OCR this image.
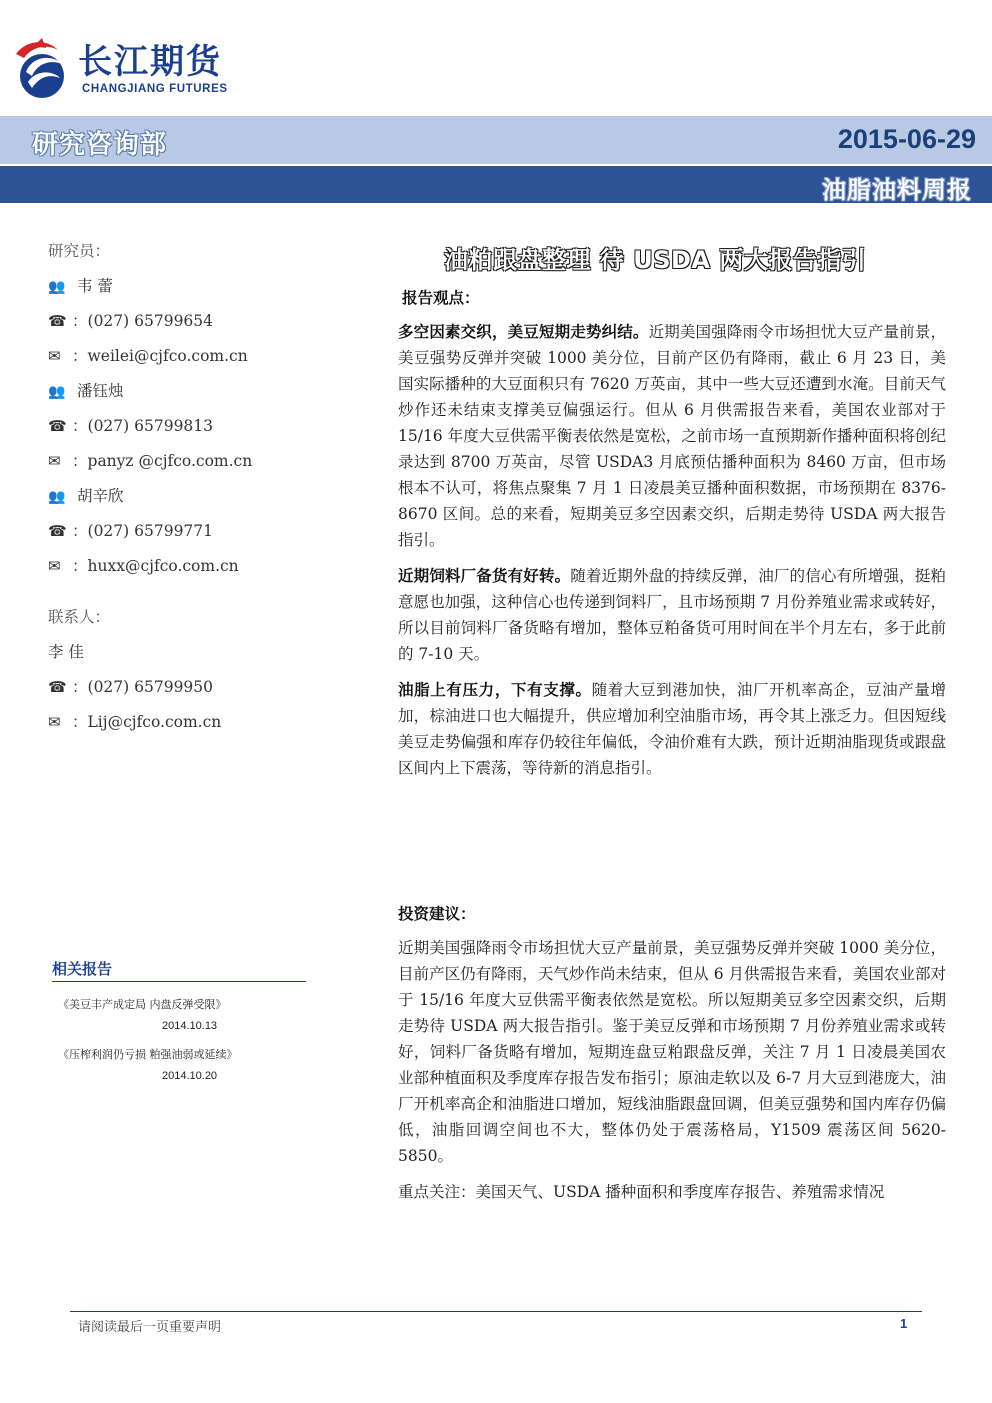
长江期货
CHANGJIANG FUTURES
研究咨询部	2015-06-29
油脂油料周报
研究员：
👥 韦 蕾
☎ ：(027) 65799654
✉ ：weilei@cjfco.com.cn
👥 潘钰烛
☎ ：(027) 65799813
✉ ：panyz @cjfco.com.cn
👥 胡辛欣
☎ ：(027) 65799771
✉ ：huxx@cjfco.com.cn
联系人：
李 佳
☎ ：(027) 65799950
✉ ：Lij@cjfco.com.cn
相关报告
《美豆丰产成定局 内盘反弹受限》
2014.10.13
《压榨利润仍亏损 粕强油弱或延续》
2014.10.20
油粕跟盘整理 待 USDA 两大报告指引
报告观点：
多空因素交织，美豆短期走势纠结。近期美国强降雨令市场担忧大豆产量前景，美豆强势反弹并突破 1000 美分位，目前产区仍有降雨，截止 6 月 23 日，美国实际播种的大豆面积只有 7620 万英亩，其中一些大豆还遭到水淹。目前天气炒作还未结束支撑美豆偏强运行。但从 6 月供需报告来看，美国农业部对于 15/16 年度大豆供需平衡表依然是宽松，之前市场一直预期新作播种面积将创纪录达到 8700 万英亩，尽管 USDA3 月底预估播种面积为 8460 万亩，但市场根本不认可，将焦点聚集 7 月 1 日凌晨美豆播种面积数据，市场预期在 8376-8670 区间。总的来看，短期美豆多空因素交织，后期走势待 USDA 两大报告指引。
近期饲料厂备货有好转。随着近期外盘的持续反弹，油厂的信心有所增强，挺粕意愿也加强，这种信心也传递到饲料厂，且市场预期 7 月份养殖业需求或转好，所以目前饲料厂备货略有增加，整体豆粕备货可用时间在半个月左右，多于此前的 7-10 天。
油脂上有压力，下有支撑。随着大豆到港加快，油厂开机率高企，豆油产量增加，棕油进口也大幅提升，供应增加利空油脂市场，再令其上涨乏力。但因短线美豆走势偏强和库存仍较往年偏低，令油价难有大跌，预计近期油脂现货或跟盘区间内上下震荡，等待新的消息指引。
投资建议：
近期美国强降雨令市场担忧大豆产量前景，美豆强势反弹并突破 1000 美分位，目前产区仍有降雨，天气炒作尚未结束，但从 6 月供需报告来看，美国农业部对于 15/16 年度大豆供需平衡表依然是宽松。所以短期美豆多空因素交织，后期走势待 USDA 两大报告指引。鉴于美豆反弹和市场预期 7 月份养殖业需求或转好，饲料厂备货略有增加，短期连盘豆粕跟盘反弹，关注 7 月 1 日凌晨美国农业部种植面积及季度库存报告发布指引；原油走软以及 6-7 月大豆到港庞大，油厂开机率高企和油脂进口增加，短线油脂跟盘回调，但美豆强势和国内库存仍偏低，油脂回调空间也不大，整体仍处于震荡格局，Y1509 震荡区间 5620-5850。
重点关注：美国天气、USDA 播种面积和季度库存报告、养殖需求情况
请阅读最后一页重要声明	1
